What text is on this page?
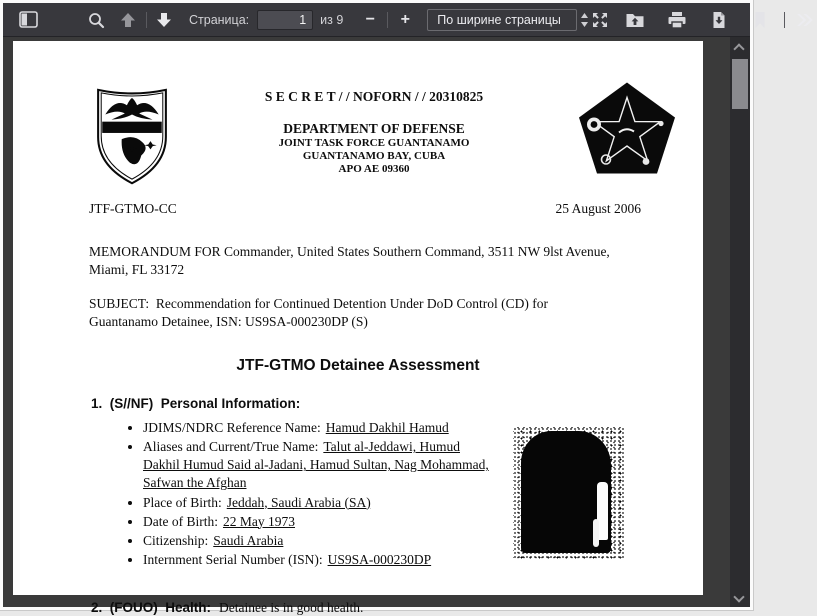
Страница:
1	из 9	−	+	По ширине страницы
S E C R E T / / NOFORN / / 20310825
DEPARTMENT OF DEFENSE
JOINT TASK FORCE GUANTANAMO
GUANTANAMO BAY, CUBA
APO AE 09360
JTF-GTMO-CC	25 August 2006
MEMORANDUM FOR Commander, United States Southern Command, 3511 NW 9lst Avenue, Miami, FL 33172
SUBJECT:  Recommendation for Continued Detention Under DoD Control (CD) for Guantanamo Detainee, ISN: US9SA-000230DP (S)
JTF-GTMO Detainee Assessment
1.  (S//NF)  Personal Information:
• JDIMS/NDRC Reference Name: Hamud Dakhil Hamud
• Aliases and Current/True Name: Talut al-Jeddawi, Humud Dakhil Humud Said al-Jadani, Hamud Sultan, Nag Mohammad, Safwan the Afghan
• Place of Birth: Jeddah, Saudi Arabia (SA)
• Date of Birth: 22 May 1973
• Citizenship: Saudi Arabia
• Internment Serial Number (ISN): US9SA-000230DP
2.  (FOUO)  Health: Detainee is in good health.
